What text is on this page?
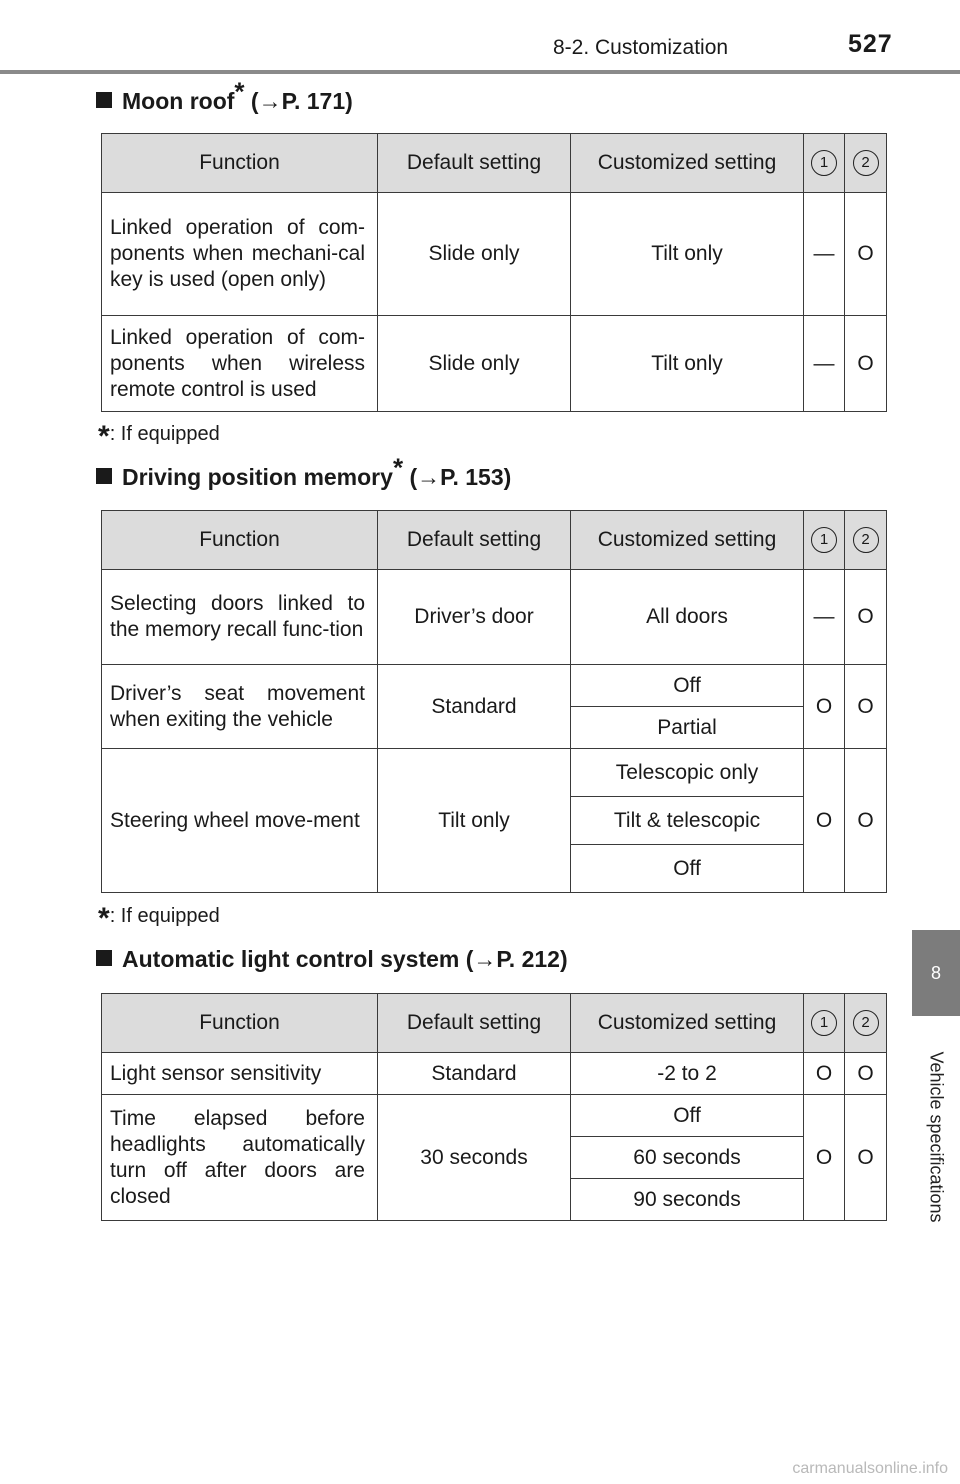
8-2. Customization	527
8
Vehicle specifications
Moon roof* (→P. 171)
Function	Default setting	Customized setting	1	2
Linked operation of com-ponents when mechani-cal key is used (open only)	Slide only	Tilt only	—	O
Linked operation of com-ponents when wireless remote control is used	Slide only	Tilt only	—	O
*: If equipped
Driving position memory* (→P. 153)
Function	Default setting	Customized setting	1	2
Selecting doors linked to the memory recall func-tion	Driver’s door	All doors	—	O
Driver’s seat movement when exiting the vehicle	Standard	Off	O	O
		Partial		
Steering wheel move-ment	Tilt only	Telescopic only	O	O
		Tilt & telescopic		
		Off		
*: If equipped
Automatic light control system (→P. 212)
Function	Default setting	Customized setting	1	2
Light sensor sensitivity	Standard	-2 to 2	O	O
Time elapsed before headlights automatically turn off after doors are closed	30 seconds	Off	O	O
		60 seconds		
		90 seconds		
carmanualsonline.info
